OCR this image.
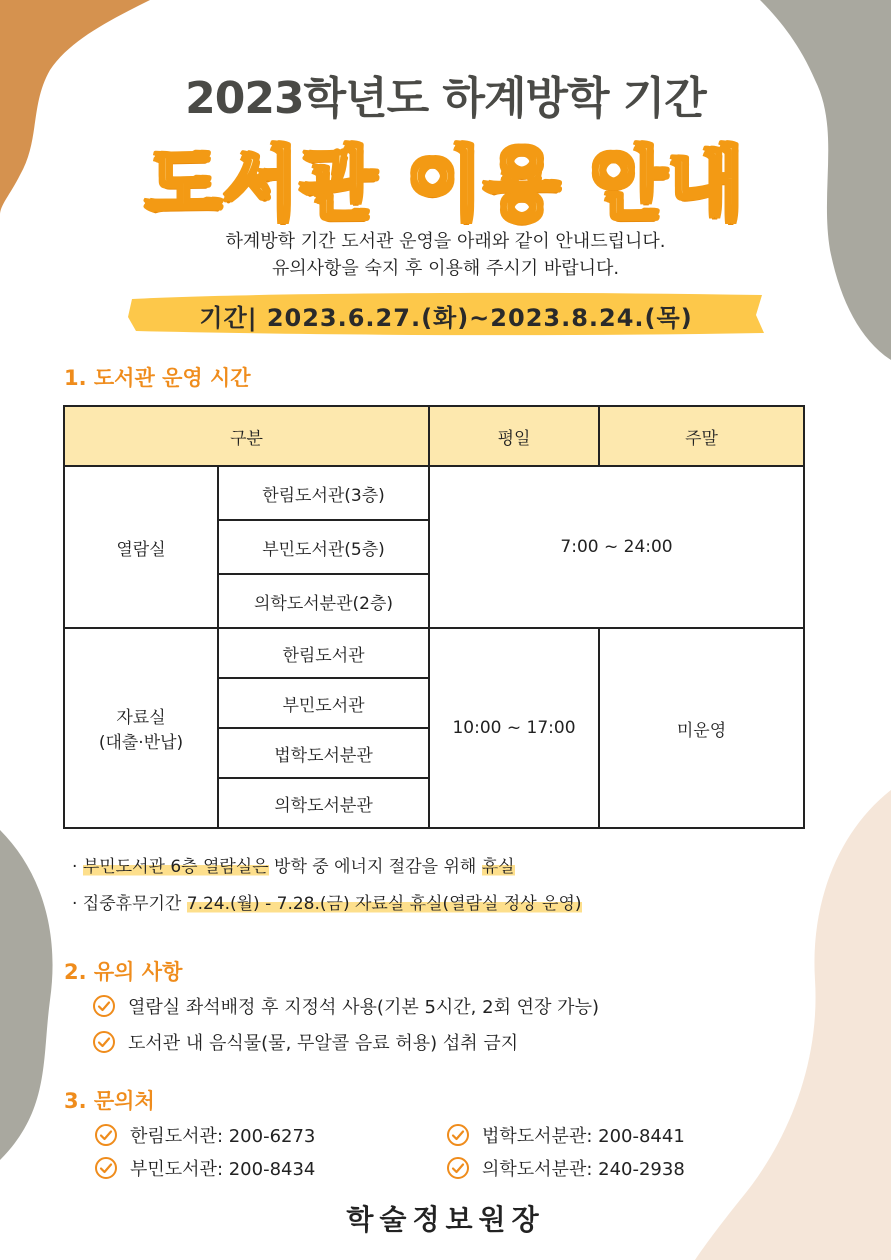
2023학년도 하계방학 기간
도서관 이용 안내
하계방학 기간 도서관 운영을 아래와 같이 안내드립니다.
유의사항을 숙지 후 이용해 주시기 바랍니다.
기간| 2023.6.27.(화)~2023.8.24.(목)
1. 도서관 운영 시간
구분		평일	주말
열람실	한림도서관(3층)	7:00 ~ 24:00	
	부민도서관(5층)		
	의학도서분관(2층)		

자료실
(대출·반납)	한림도서관	10:00 ~ 17:00	미운영
	부민도서관		
	법학도서분관		
	의학도서분관		
· 부민도서관 6층 열람실은 방학 중 에너지 절감을 위해 휴실
· 집중휴무기간 7.24.(월) - 7.28.(금) 자료실 휴실(열람실 정상 운영)
2. 유의 사항
열람실 좌석배정 후 지정석 사용(기본 5시간, 2회 연장 가능)
도서관 내 음식물(물, 무알콜 음료 허용) 섭취 금지
3. 문의처
한림도서관: 200-6273	법학도서분관: 200-8441
부민도서관: 200-8434	의학도서분관: 240-2938
학술정보원장
